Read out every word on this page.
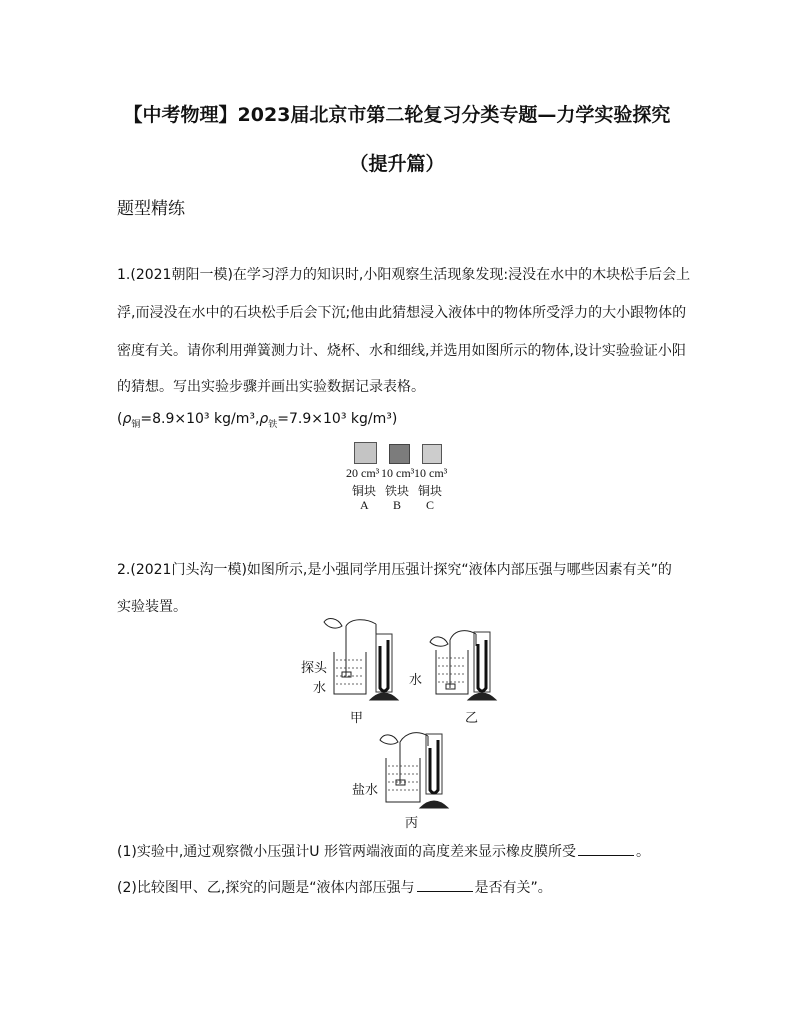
【中考物理】2023届北京市第二轮复习分类专题—力学实验探究
（提升篇）
题型精练
1.(2021朝阳一模)在学习浮力的知识时,小阳观察生活现象发现:浸没在水中的木块松手后会上
浮,而浸没在水中的石块松手后会下沉;他由此猜想浸入液体中的物体所受浮力的大小跟物体的
密度有关。请你利用弹簧测力计、烧杯、水和细线,并选用如图所示的物体,设计实验验证小阳
的猜想。写出实验步骤并画出实验数据记录表格。
($\rho_铜=8.9\times 10^3$ $kg/m^3,\rho_铁=7.9\times 10^3$ kg/m³)
20 cm³ 10 cm³ 10 cm³
铜块 铁块 铜块
A B C
2.(2021门头沟一模)如图所示,是小强同学用压强计探究“液体内部压强与哪些因素有关”的
实验装置。
探头
水
水
盐水
甲	乙
丙
(1)实验中,通过观察微小压强计U 形管两端液面的高度差来显示橡皮膜所受	。
(2)比较图甲、乙,探究的问题是“液体内部压强与	是否有关”。
